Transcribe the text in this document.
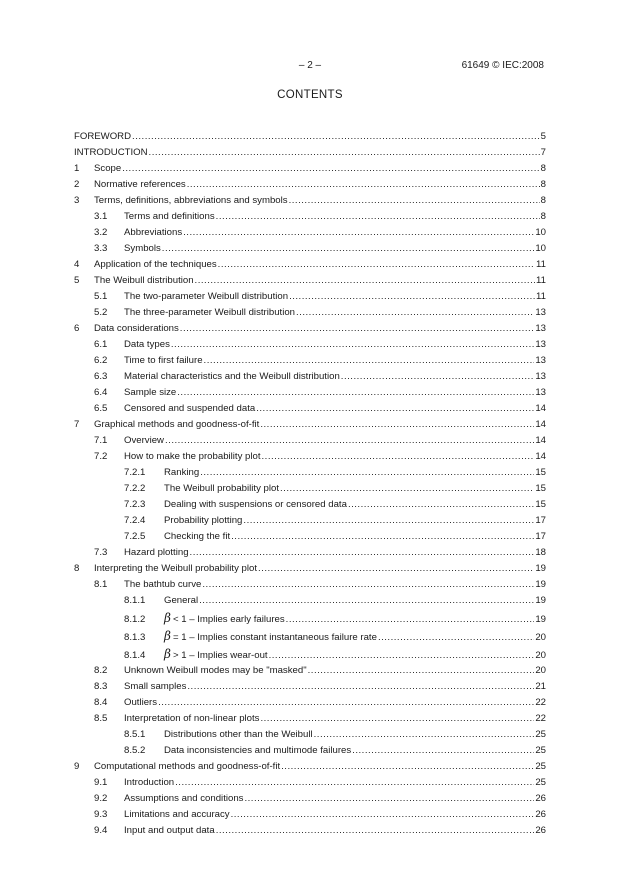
– 2 –	61649 © IEC:2008
CONTENTS
FOREWORD .....	5
INTRODUCTION .....	7
1	Scope .....	8
2	Normative references .....	8
3	Terms, definitions, abbreviations and symbols .....	8
3.1	Terms and definitions .....	8
3.2	Abbreviations .....	10
3.3	Symbols .....	10
4	Application of the techniques .....	11
5	The Weibull distribution .....	11
5.1	The two-parameter Weibull distribution .....	11
5.2	The three-parameter Weibull distribution .....	13
6	Data considerations .....	13
6.1	Data types .....	13
6.2	Time to first failure .....	13
6.3	Material characteristics and the Weibull distribution .....	13
6.4	Sample size .....	13
6.5	Censored and suspended data .....	14
7	Graphical methods and goodness-of-fit .....	14
7.1	Overview .....	14
7.2	How to make the probability plot .....	14
7.2.1	Ranking .....	15
7.2.2	The Weibull probability plot .....	15
7.2.3	Dealing with suspensions or censored data .....	15
7.2.4	Probability plotting .....	17
7.2.5	Checking the fit .....	17
7.3	Hazard plotting .....	18
8	Interpreting the Weibull probability plot .....	19
8.1	The bathtub curve .....	19
8.1.1	General .....	19
8.1.2	β < 1 – Implies early failures .....	19
8.1.3	β = 1 – Implies constant instantaneous failure rate .....	20
8.1.4	β > 1 – Implies wear-out .....	20
8.2	Unknown Weibull modes may be "masked" .....	20
8.3	Small samples .....	21
8.4	Outliers .....	22
8.5	Interpretation of non-linear plots .....	22
8.5.1	Distributions other than the Weibull .....	25
8.5.2	Data inconsistencies and multimode failures .....	25
9	Computational methods and goodness-of-fit .....	25
9.1	Introduction .....	25
9.2	Assumptions and conditions .....	26
9.3	Limitations and accuracy .....	26
9.4	Input and output data .....	26
